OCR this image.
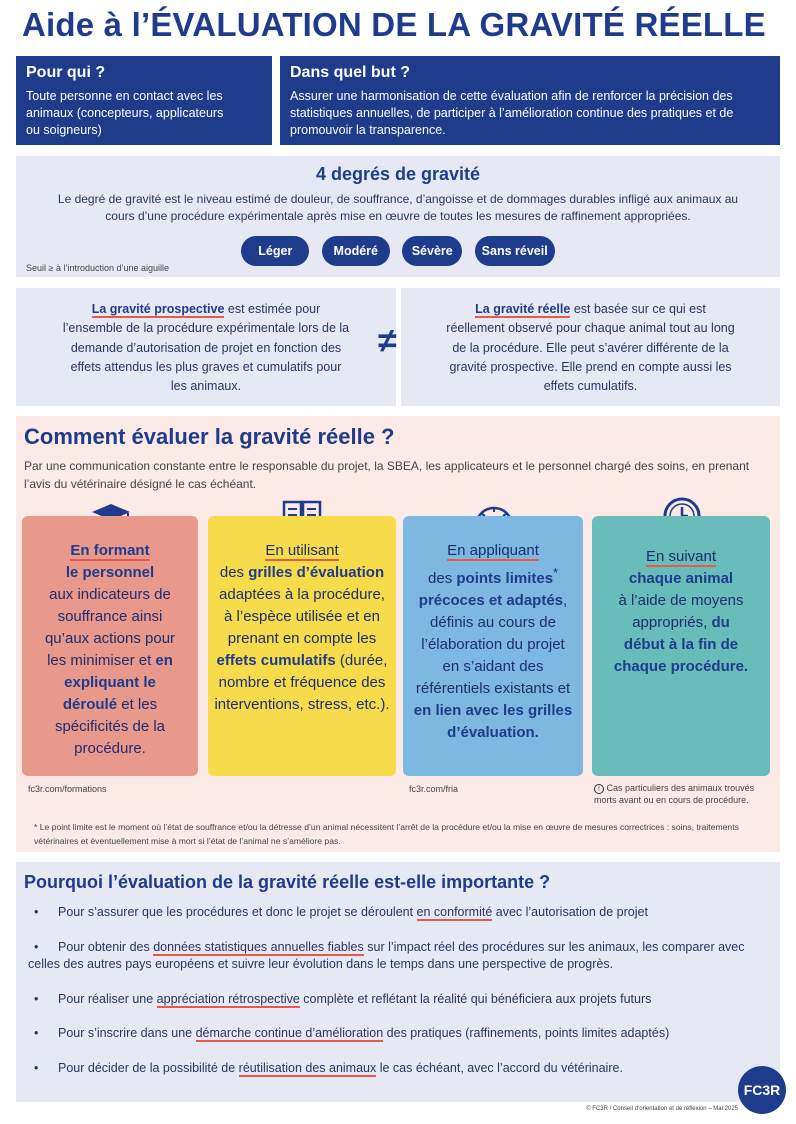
Aide à l’ÉVALUATION DE LA GRAVITÉ RÉELLE
Pour qui ?
Toute personne en contact avec les animaux (concepteurs, applicateurs ou soigneurs)
Dans quel but ?
Assurer une harmonisation de cette évaluation afin de renforcer la précision des statistiques annuelles, de participer à l’amélioration continue des pratiques et de promouvoir la transparence.
4 degrés de gravité

Le degré de gravité est le niveau estimé de douleur, de souffrance, d’angoisse et de dommages durables infligé aux animaux au cours d’une procédure expérimentale après mise en œuvre de toutes les mesures de raffinement appropriées.

Léger	Modéré	Sévère Sans réveil
Seuil ≥ à l’introduction d’une aiguille
La gravité prospective est estimée pour l’ensemble de la procédure expérimentale lors de la demande d’autorisation de projet en fonction des effets attendus les plus graves et cumulatifs pour les animaux.
≠
La gravité réelle est basée sur ce qui est réellement observé pour chaque animal tout au long de la procédure. Elle peut s’avérer différente de la gravité prospective. Elle prend en compte aussi les effets cumulatifs.
Comment évaluer la gravité réelle ?
Par une communication constante entre le responsable du projet, la SBEA, les applicateurs et le personnel chargé des soins, en prenant l’avis du vétérinaire désigné le cas échéant.
En formant
le personnel

aux indicateurs de souffrance ainsi qu’aux actions pour les minimiser et en expliquant le déroulé et les spécificités de la procédure.
En utilisant

des grilles d’évaluation adaptées à la procédure, à l’espèce utilisée et en prenant en compte les effets cumulatifs (durée, nombre et fréquence des interventions, stress, etc.).
En appliquant

des points limites*
précoces et adaptés, définis au cours de l’élaboration du projet en s’aidant des référentiels existants et en lien avec les grilles d’évaluation.
En suivant
chaque animal

à l’aide de moyens appropriés, du début à la fin de chaque procédure.
fc3r.com/formations	fc3r.com/fria	! Cas particuliers des animaux trouvés morts avant ou en cours de procédure.
* Le point limite est le moment où l’état de souffrance et/ou la détresse d’un animal nécessitent l’arrêt de la procédure et/ou la mise en œuvre de mesures correctrices : soins, traitements vétérinaires et éventuellement mise à mort si l’état de l’animal ne s’améliore pas.
Pourquoi l’évaluation de la gravité réelle est-elle importante ?
• Pour s’assurer que les procédures et donc le projet se déroulent en conformité avec l’autorisation de projet
• Pour obtenir des données statistiques annuelles fiables sur l’impact réel des procédures sur les animaux, les comparer avec celles des autres pays européens et suivre leur évolution dans le temps dans une perspective de progrès.
• Pour réaliser une appréciation rétrospective complète et reflétant la réalité qui bénéficiera aux projets futurs
• Pour s’inscrire dans une démarche continue d’amélioration des pratiques (raffinements, points limites adaptés)
• Pour décider de la possibilité de réutilisation des animaux le cas échéant, avec l’accord du vétérinaire.
© FC3R / Conseil d’orientation et de réflexion – Mai 2025
FC3R
